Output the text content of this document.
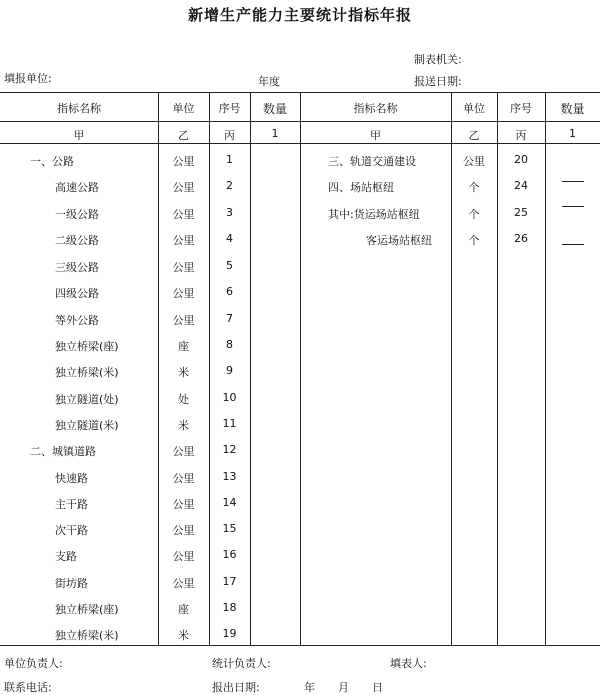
新增生产能力主要统计指标年报
制表机关:
填报单位:	年度	报送日期:
指标名称	单位	序号	数量	指标名称	单位	序号	数量
甲	乙	丙	1	甲	乙	丙	1
一、公路	公里	1
高速公路	公里	2
一级公路	公里	3
二级公路	公里	4
三级公路	公里	5
四级公路	公里	6
等外公路	公里	7
独立桥梁(座)	座	8
独立桥梁(米)	米	9
独立隧道(处)	处	10
独立隧道(米)	米	11
二、城镇道路	公里	12
快速路	公里	13
主干路	公里	14
次干路	公里	15
支路	公里	16
街坊路	公里	17
独立桥梁(座)	座	18
独立桥梁(米)	米	19
三、轨道交通建设	公里	20
四、场站枢纽	个	24
其中:货运场站枢纽	个	25
客运场站枢纽	个	26
单位负责人:	统计负责人:	填表人:
联系电话:	报出日期:	年 月 日
